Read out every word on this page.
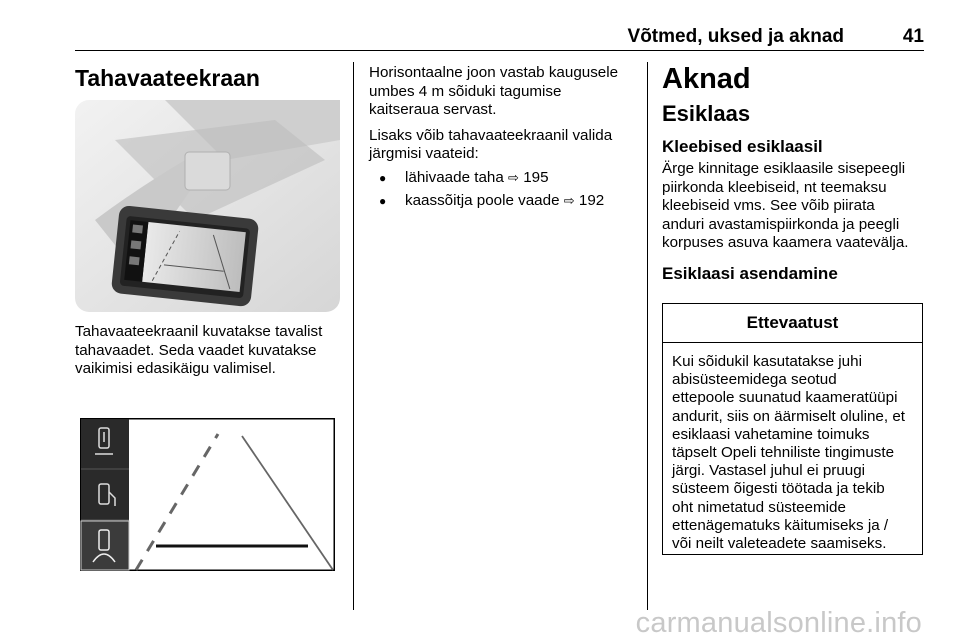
Võtmed, uksed ja aknad	41
Tahavaateekraan

Tahavaateekraanil kuvatakse tavalist

tahavaadet. Seda vaadet kuvatakse

vaikimisi edasikäigu valimisel.

Horisontaalne joon vastab kaugusele

umbes 4 m sõiduki tagumise

kaitseraua servast.

Lisaks võib tahavaateekraanil valida

järgmisi vaateid:

●	lähivaade taha ⇨ 195
●	kaassõitja poole vaade ⇨ 192

Aknad

Esiklaas

Kleebised esiklaasil

Ärge kinnitage esiklaasile sisepeegli

piirkonda kleebiseid, nt teemaksu

kleebiseid vms. See võib piirata

anduri avastamispiirkonda ja peegli

korpuses asuva kaamera vaatevälja.

Esiklaasi asendamine

Ettevaatust
Kui sõidukil kasutatakse juhi
abisüsteemidega seotud
ettepoole suunatud kaameratüüpi
andurit, siis on äärmiselt oluline, et
esiklaasi vahetamine toimuks
täpselt Opeli tehniliste tingimuste
järgi. Vastasel juhul ei pruugi
süsteem õigesti töötada ja tekib
oht nimetatud süsteemide
ettenägematuks käitumiseks ja /
või neilt valeteadete saamiseks.
carmanualsonline.info
